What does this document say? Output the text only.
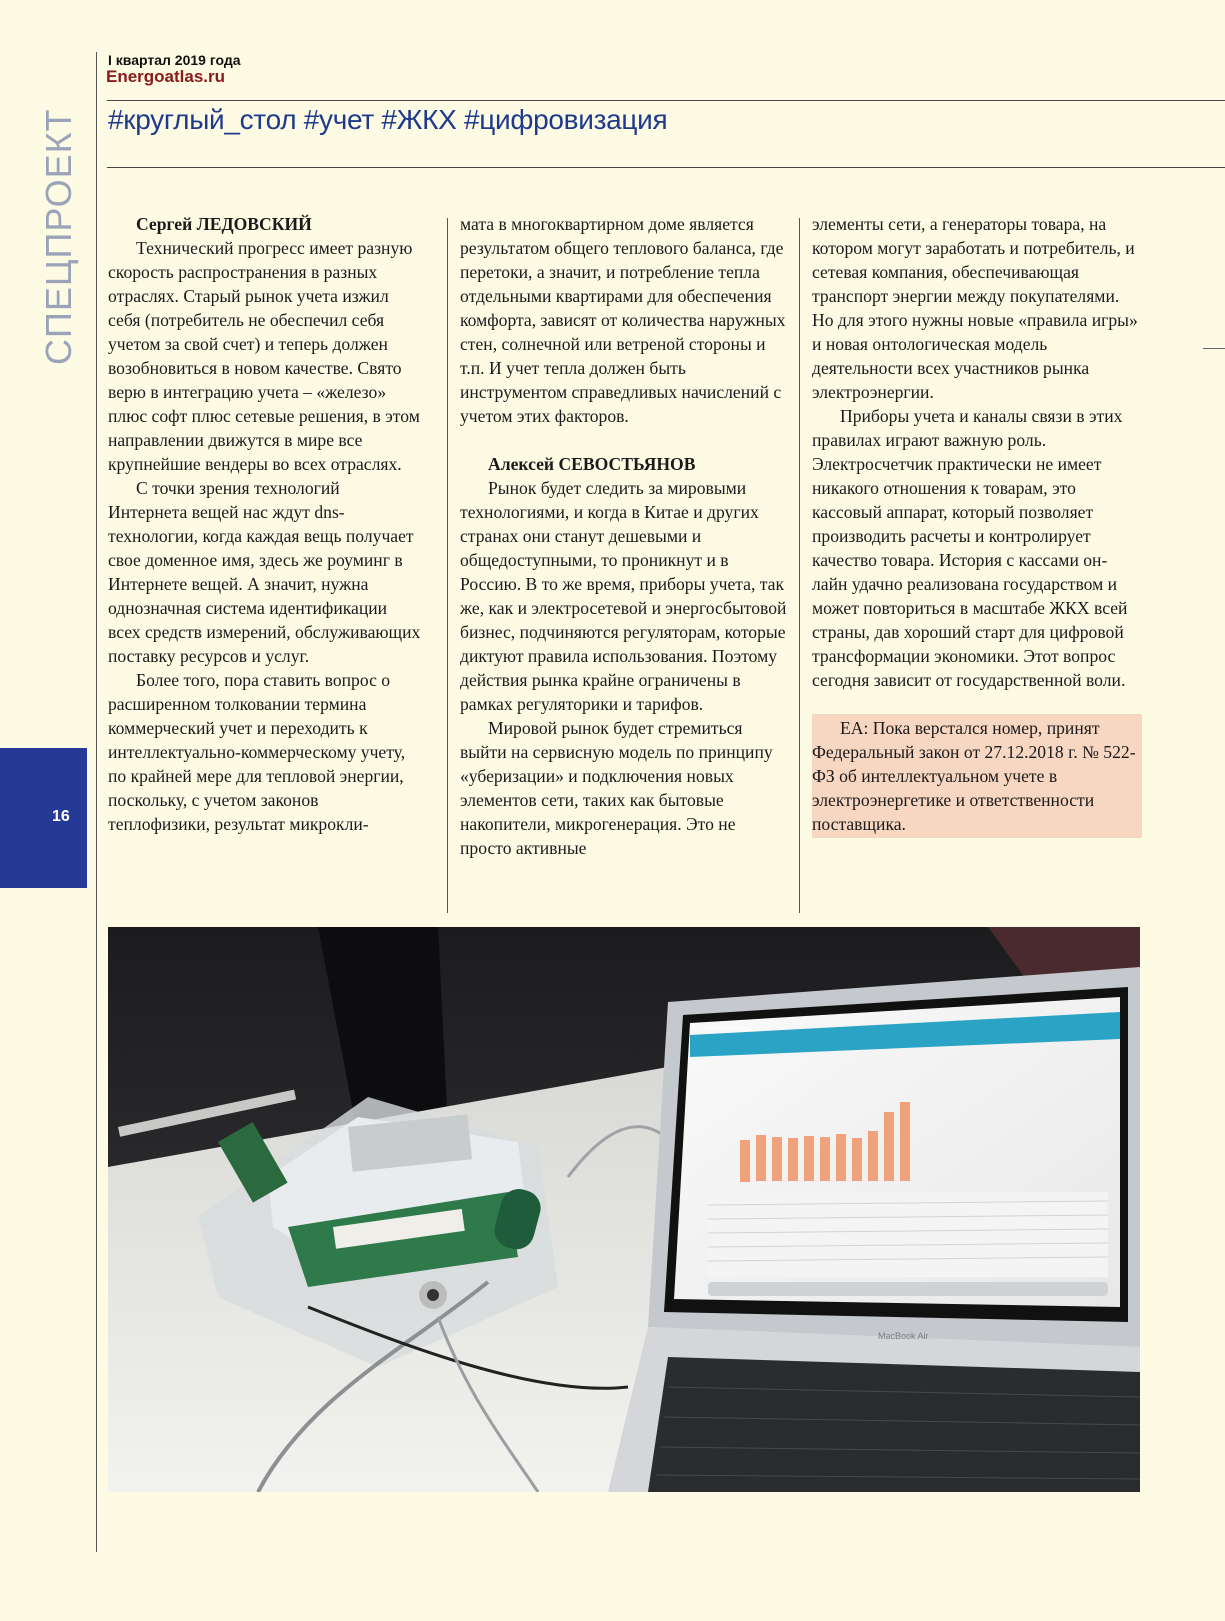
I квартал 2019 года
Energoatlas.ru
#круглый_стол #учет #ЖКХ #цифровизация
СПЕЦПРОЕКТ
16

Сергей ЛЕДОВСКИЙ

Технический прогресс имеет разную скорость распространения в разных отраслях. Старый рынок учета изжил себя (потребитель не обеспечил себя учетом за свой счет) и теперь должен возобновиться в новом качестве. Свято верю в интеграцию учета – «железо» плюс софт плюс сетевые решения, в этом направлении движутся в мире все крупнейшие вендеры во всех отраслях.

С точки зрения технологий Интернета вещей нас ждут dns-технологии, когда каждая вещь получает свое доменное имя, здесь же роуминг в Интернете вещей. А значит, нужна однозначная система идентификации всех средств измерений, обслуживающих поставку ресурсов и услуг.

Более того, пора ставить вопрос о расширенном толковании термина коммерческий учет и переходить к интеллектуально-коммерческому учету, по крайней мере для тепловой энергии, поскольку, с учетом законов теплофизики, результат микрокли-

мата в многоквартирном доме является результатом общего теплового баланса, где перетоки, а значит, и потребление тепла отдельными квартирами для обеспечения комфорта, зависят от количества наружных стен, солнечной или ветреной стороны и т.п. И учет тепла должен быть инструментом справедливых начислений с учетом этих факторов.

Алексей СЕВОСТЬЯНОВ

Рынок будет следить за мировыми технологиями, и когда в Китае и других странах они станут дешевыми и общедоступными, то проникнут и в Россию. В то же время, приборы учета, так же, как и электросетевой и энергосбытовой бизнес, подчиняются регуляторам, которые диктуют правила использования. Поэтому действия рынка крайне ограничены в рамках регуляторики и тарифов.

Мировой рынок будет стремиться выйти на сервисную модель по принципу «уберизации» и подключения новых элементов сети, таких как бытовые накопители, микрогенерация. Это не просто активные

элементы сети, а генераторы товара, на котором могут заработать и потребитель, и сетевая компания, обеспечивающая транспорт энергии между покупателями. Но для этого нужны новые «правила игры» и новая онтологическая модель деятельности всех участников рынка электроэнергии.

Приборы учета и каналы связи в этих правилах играют важную роль. Электросчетчик практически не имеет никакого отношения к товарам, это кассовый аппарат, который позволяет производить расчеты и контролирует качество товара. История с кассами он-лайн удачно реализована государством и может повториться в масштабе ЖКХ всей страны, дав хороший старт для цифровой трансформации экономики. Этот вопрос сегодня зависит от государственной воли.

ЕА: Пока верстался номер, принят Федеральный закон от 27.12.2018 г. № 522-ФЗ об интеллектуальном учете в электроэнергетике и ответственности поставщика.

MacBook Air
ЭНЕРГОКабинет
